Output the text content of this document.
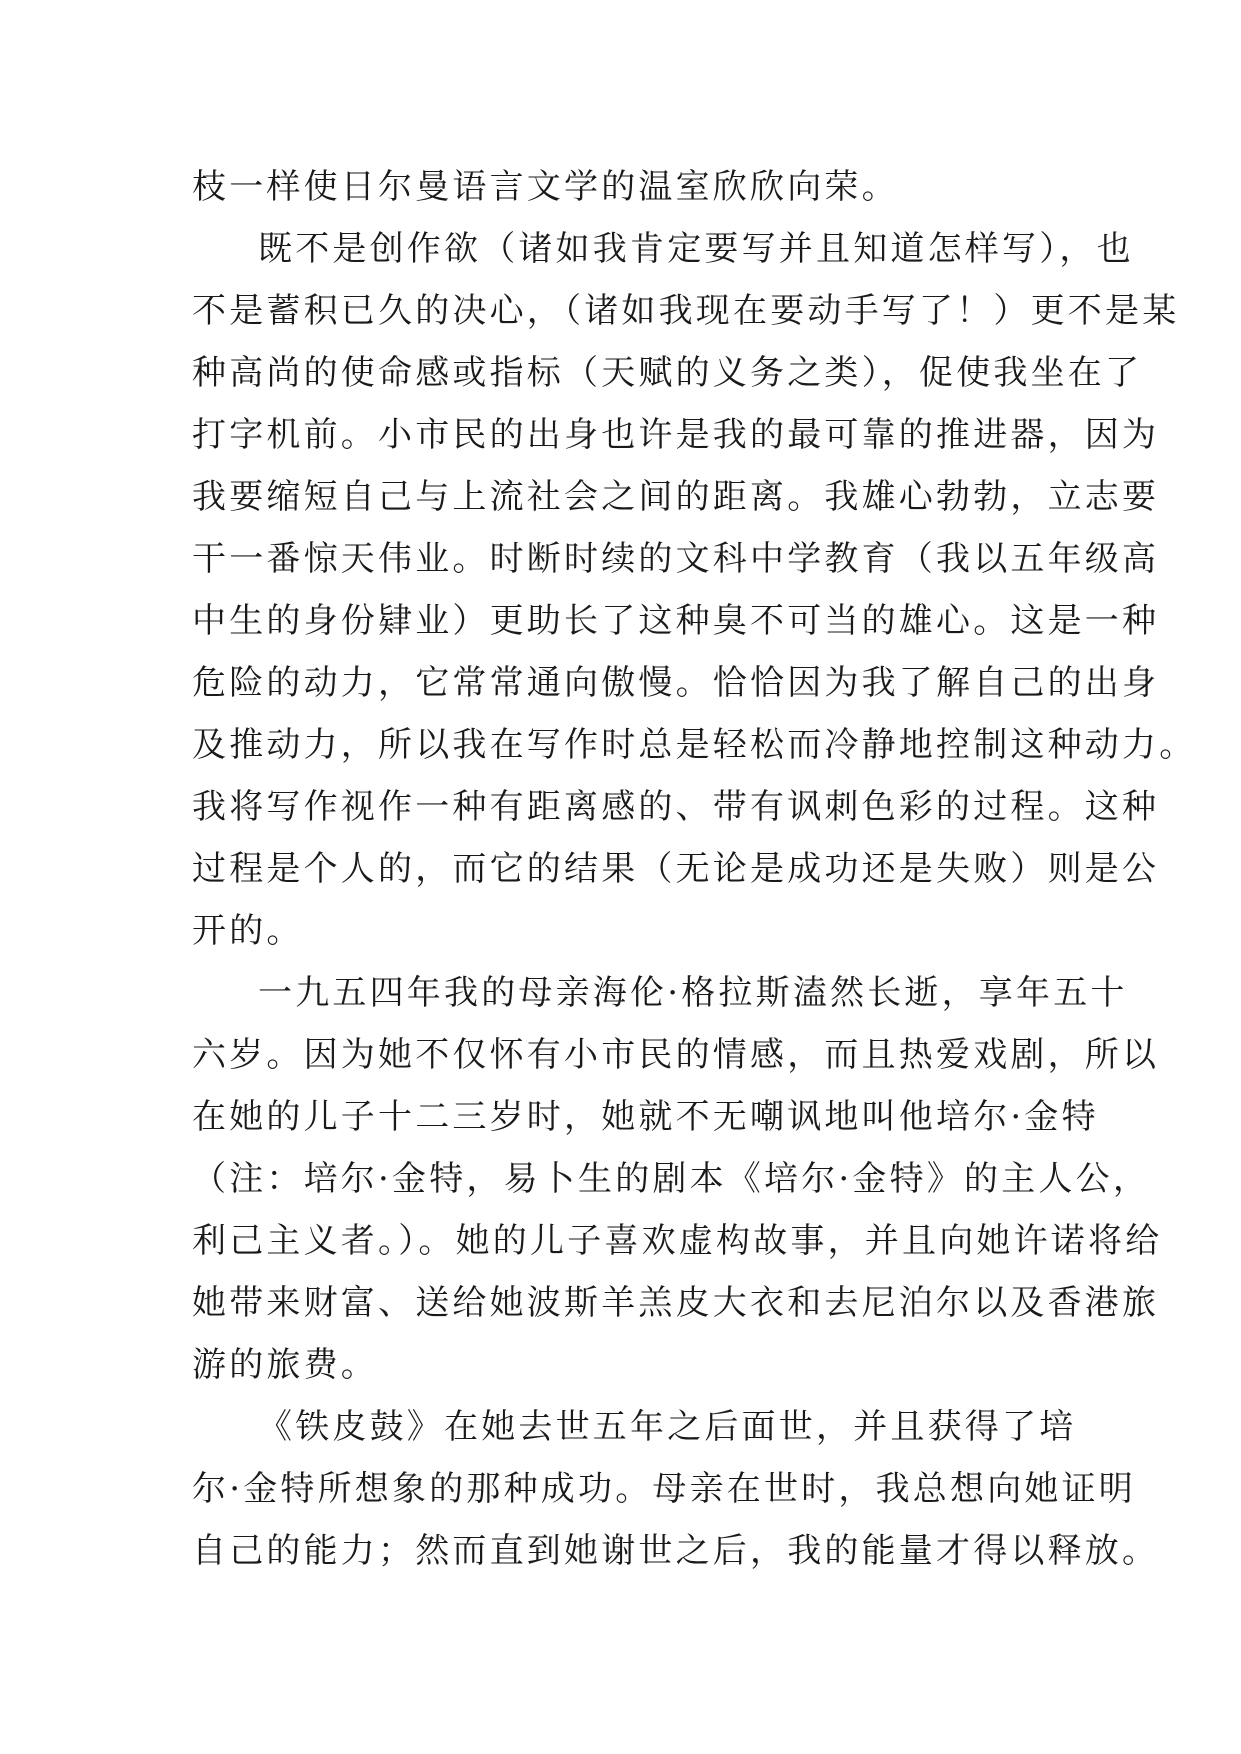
枝一样使日尔曼语言文学的温室欣欣向荣。
既不是创作欲（诸如我肯定要写并且知道怎样写），也
不是蓄积已久的决心，（诸如我现在要动手写了！）更不是某
种高尚的使命感或指标（天赋的义务之类），促使我坐在了
打字机前。小市民的出身也许是我的最可靠的推进器，因为
我要缩短自己与上流社会之间的距离。我雄心勃勃，立志要
干一番惊天伟业。时断时续的文科中学教育（我以五年级高
中生的身份肄业）更助长了这种臭不可当的雄心。这是一种
危险的动力，它常常通向傲慢。恰恰因为我了解自己的出身
及推动力，所以我在写作时总是轻松而冷静地控制这种动力。
我将写作视作一种有距离感的、带有讽刺色彩的过程。这种
过程是个人的，而它的结果（无论是成功还是失败）则是公
开的。
一九五四年我的母亲海伦·格拉斯溘然长逝，享年五十
六岁。因为她不仅怀有小市民的情感，而且热爱戏剧，所以
在她的儿子十二三岁时，她就不无嘲讽地叫他培尔·金特
（注：培尔·金特，易卜生的剧本《培尔·金特》的主人公，
利己主义者。）。她的儿子喜欢虚构故事，并且向她许诺将给
她带来财富、送给她波斯羊羔皮大衣和去尼泊尔以及香港旅
游的旅费。
《铁皮鼓》在她去世五年之后面世，并且获得了培
尔·金特所想象的那种成功。母亲在世时，我总想向她证明
自己的能力；然而直到她谢世之后，我的能量才得以释放。
